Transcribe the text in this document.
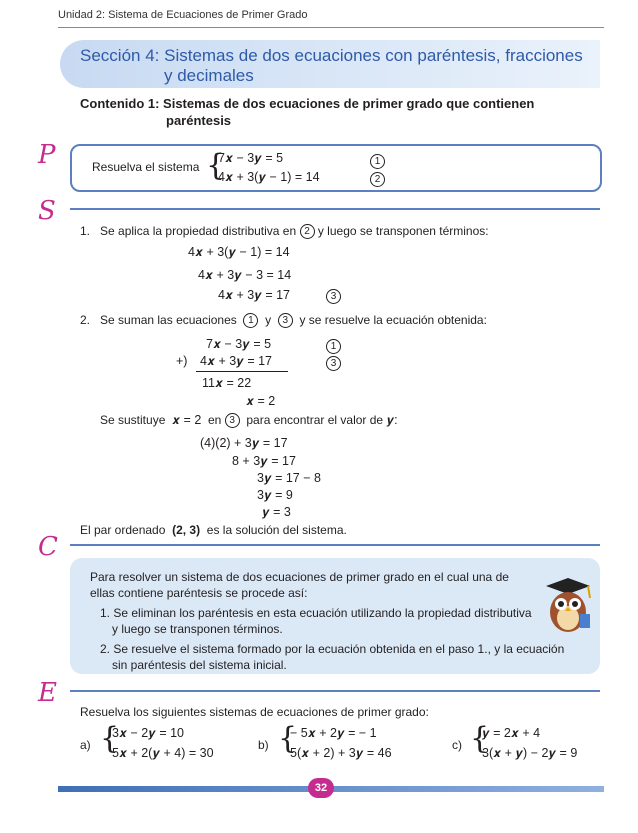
Unidad 2: Sistema de Ecuaciones de Primer Grado
Sección 4: Sistemas de dos ecuaciones con paréntesis, fracciones
y decimales
Contenido 1: Sistemas de dos ecuaciones de primer grado que contienen
paréntesis
P	Resuelva el sistema {
7𝒙 − 3𝒚 = 5
4𝒙 + 3(𝒚 − 1) = 14
1
2
S
1. Se aplica la propiedad distributiva en 2 y luego se transponen términos:
4𝒙 + 3(𝒚 − 1) = 14
4𝒙 + 3𝒚 − 3 = 14
4𝒙 + 3𝒚 = 17	3
2. Se suman las ecuaciones 1 y 3 y se resuelve la ecuación obtenida:
7𝒙 − 3𝒚 = 5	1
+) 4𝒙 + 3𝒚 = 17	3
11𝒙 = 22
𝒙 = 2
Se sustituye 𝒙 = 2 en 3 para encontrar el valor de 𝒚:
(4)(2) + 3𝒚 = 17
8 + 3𝒚 = 17
3𝒚 = 17 − 8
3𝒚 = 9
𝒚 = 3
El par ordenado (2, 3) es la solución del sistema.
C
Para resolver un sistema de dos ecuaciones de primer grado en el cual una de
ellas contiene paréntesis se procede así:
1. Se eliminan los paréntesis en esta ecuación utilizando la propiedad distributiva
y luego se transponen términos.
2. Se resuelve el sistema formado por la ecuación obtenida en el paso 1., y la ecuación
sin paréntesis del sistema inicial.
E
Resuelva los siguientes sistemas de ecuaciones de primer grado:
a) {
3𝒙 − 2𝒚 = 10
5𝒙 + 2(𝒚 + 4) = 30
b) {
− 5𝒙 + 2𝒚 = − 1
5(𝒙 + 2) + 3𝒚 = 46
c) {
𝒚 = 2𝒙 + 4
3(𝒙 + 𝒚) − 2𝒚 = 9
32
